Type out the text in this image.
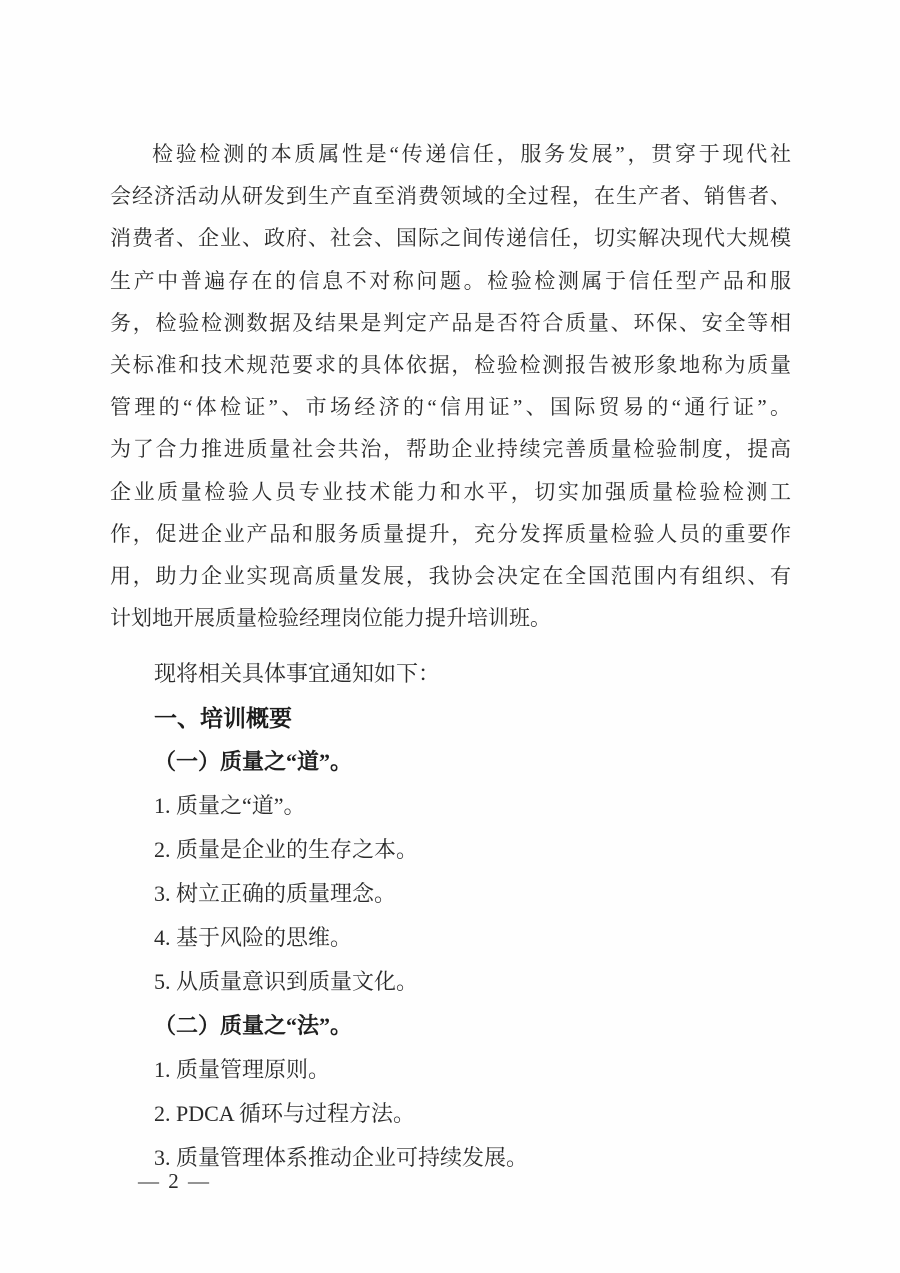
检验检测的本质属性是“传递信任，服务发展”，贯穿于现代社
会经济活动从研发到生产直至消费领域的全过程，在生产者、销售者、
消费者、企业、政府、社会、国际之间传递信任，切实解决现代大规模
生产中普遍存在的信息不对称问题。检验检测属于信任型产品和服
务，检验检测数据及结果是判定产品是否符合质量、环保、安全等相
关标准和技术规范要求的具体依据，检验检测报告被形象地称为质量
管理的“体检证”、市场经济的“信用证”、国际贸易的“通行证”。
为了合力推进质量社会共治，帮助企业持续完善质量检验制度，提高
企业质量检验人员专业技术能力和水平，切实加强质量检验检测工
作，促进企业产品和服务质量提升，充分发挥质量检验人员的重要作
用，助力企业实现高质量发展，我协会决定在全国范围内有组织、有
计划地开展质量检验经理岗位能力提升培训班。
现将相关具体事宜通知如下：
一、培训概要
（一）质量之“道”。
1. 质量之“道”。
2. 质量是企业的生存之本。
3. 树立正确的质量理念。
4. 基于风险的思维。
5. 从质量意识到质量文化。
（二）质量之“法”。
1. 质量管理原则。
2. PDCA 循环与过程方法。
3. 质量管理体系推动企业可持续发展。
— 2 —
